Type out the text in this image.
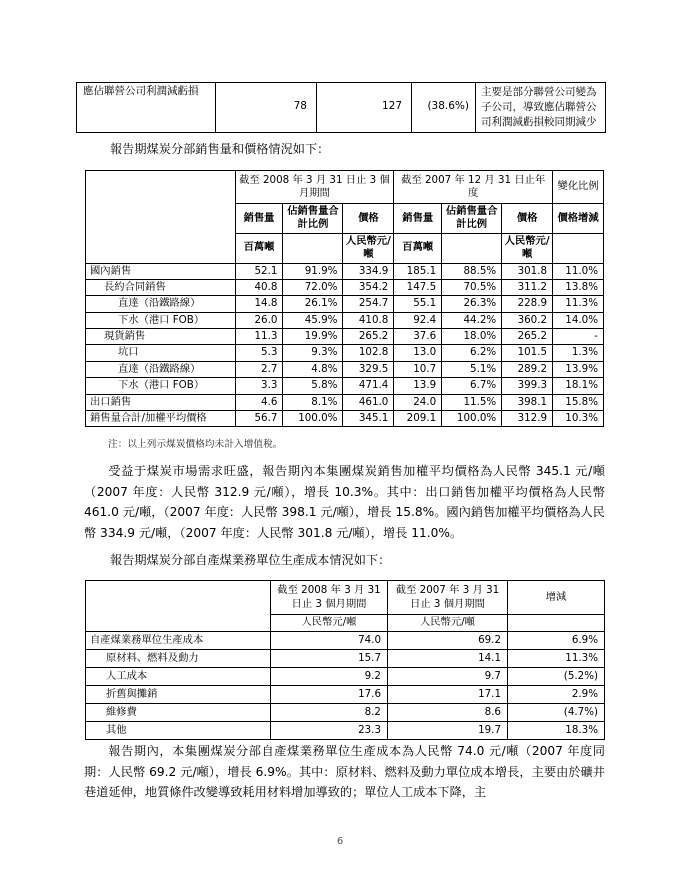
應佔聯營公司利潤減虧損	78	127	(38.6%)	主要是部分聯營公司變為子公司，導致應佔聯營公司利潤減虧損較同期減少
報告期煤炭分部銷售量和價格情況如下：
	截至 2008 年 3 月 31 日止 3 個月期間			截至 2007 年 12 月 31 日止年度			變化比例
	銷售量	佔銷售量合計比例	價格	銷售量	佔銷售量合計比例	價格	價格增減
	百萬噸		人民幣元/噸	百萬噸		人民幣元/噸	
國內銷售	52.1	91.9%	334.9	185.1	88.5%	301.8	11.0%
長約合同銷售	40.8	72.0%	354.2	147.5	70.5%	311.2	13.8%
直達（沿鐵路線）	14.8	26.1%	254.7	55.1	26.3%	228.9	11.3%
下水（港口 FOB）	26.0	45.9%	410.8	92.4	44.2%	360.2	14.0%
現貨銷售	11.3	19.9%	265.2	37.6	18.0%	265.2	-
坑口	5.3	9.3%	102.8	13.0	6.2%	101.5	1.3%
直達（沿鐵路線）	2.7	4.8%	329.5	10.7	5.1%	289.2	13.9%
下水（港口 FOB）	3.3	5.8%	471.4	13.9	6.7%	399.3	18.1%
出口銷售	4.6	8.1%	461.0	24.0	11.5%	398.1	15.8%
銷售量合計/加權平均價格	56.7	100.0%	345.1	209.1	100.0%	312.9	10.3%
注：以上列示煤炭價格均未計入增值稅。
受益于煤炭市場需求旺盛，報告期內本集團煤炭銷售加權平均價格為人民幣 345.1 元/噸（2007 年度：人民幣 312.9 元/噸），增長 10.3%。其中：出口銷售加權平均價格為人民幣 461.0 元/噸，（2007 年度：人民幣 398.1 元/噸），增長 15.8%。國內銷售加權平均價格為人民幣 334.9 元/噸，（2007 年度：人民幣 301.8 元/噸），增長 11.0%。
報告期煤炭分部自產煤業務單位生產成本情況如下：
	截至 2008 年 3 月 31 日止 3 個月期間	截至 2007 年 3 月 31 日止 3 個月期間	增減
	人民幣元/噸	人民幣元/噸	
自產煤業務單位生產成本	74.0	69.2	6.9%
原材料、燃料及動力	15.7	14.1	11.3%
人工成本	9.2	9.7	(5.2%)
折舊與攤銷	17.6	17.1	2.9%
維修費	8.2	8.6	(4.7%)
其他	23.3	19.7	18.3%
報告期內，本集團煤炭分部自產煤業務單位生產成本為人民幣 74.0 元/噸（2007 年度同期：人民幣 69.2 元/噸），增長 6.9%。其中：原材料、燃料及動力單位成本增長，主要由於礦井巷道延伸，地質條件改變導致耗用材料增加導致的；單位人工成本下降，主
6
